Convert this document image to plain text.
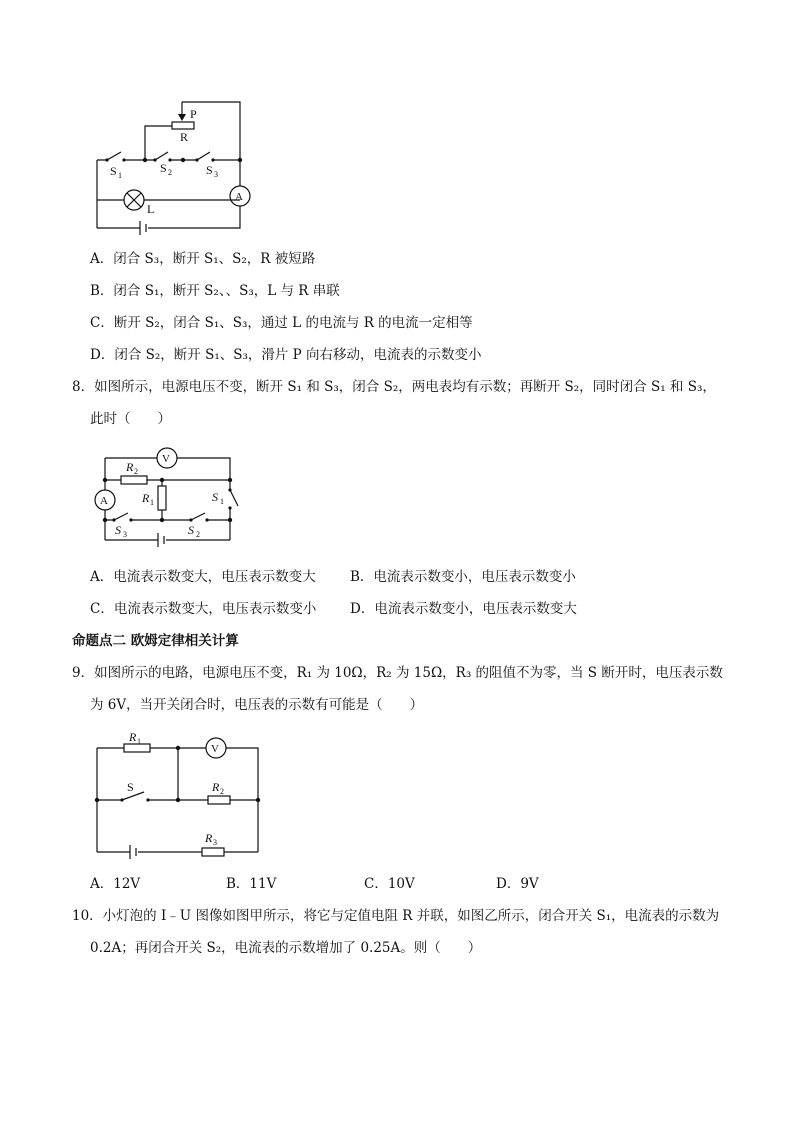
P
R
S 1
S 2	S 3
L
A
A．闭合 S₃，断开 S₁、S₂，R 被短路
B．闭合 S₁，断开 S₂、、S₃，L 与 R 串联
C．断开 S₂，闭合 S₁、S₃，通过 L 的电流与 R 的电流一定相等
D．闭合 S₂，断开 S₁、S₃，滑片 P 向右移动，电流表的示数变小
8．如图所示，电源电压不变，断开 S₁ 和 S₃，闭合 S₂，两电表均有示数；再断开 S₂，同时闭合 S₁ 和 S₃，
此时（　　）
V
A
R 2
R 1	S 1
S 2
S 3
A．电流表示数变大，电压表示数变大	B．电流表示数变小，电压表示数变小
C．电流表示数变大，电压表示数变小 D．电流表示数变小，电压表示数变大
命题点二 欧姆定律相关计算
9．如图所示的电路，电源电压不变，R₁ 为 10Ω，R₂ 为 15Ω，R₃ 的阻值不为零，当 S 断开时，电压表示数
为 6V，当开关闭合时，电压表的示数有可能是（　　）
R 1
V
S	R 2
R 3
A．12V	B．11V	C．10V	D．9V
10．小灯泡的 I﹣U 图像如图甲所示，将它与定值电阻 R 并联，如图乙所示，闭合开关 S₁，电流表的示数为
0.2A；再闭合开关 S₂，电流表的示数增加了 0.25A。则（　　）
